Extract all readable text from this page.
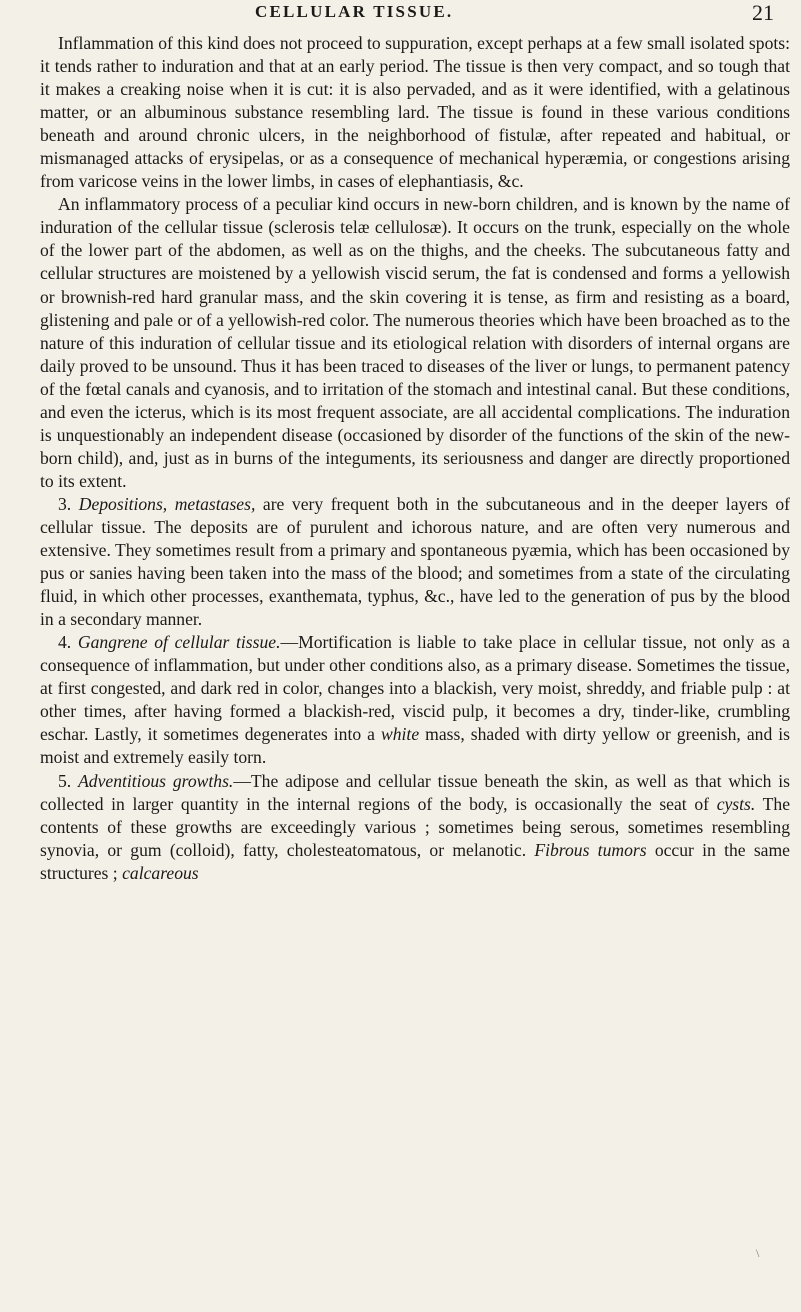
CELLULAR TISSUE.	21

Inflammation of this kind does not proceed to suppuration, except perhaps at a few small isolated spots: it tends rather to induration and that at an early period. The tissue is then very compact, and so tough that it makes a creaking noise when it is cut: it is also pervaded, and as it were identified, with a gelatinous matter, or an albuminous substance resembling lard. The tissue is found in these various conditions beneath and around chronic ulcers, in the neighborhood of fistulæ, after repeated and habitual, or mismanaged attacks of erysipelas, or as a consequence of mechanical hyperæmia, or congestions arising from varicose veins in the lower limbs, in cases of elephantiasis, &c.

An inflammatory process of a peculiar kind occurs in new-born children, and is known by the name of induration of the cellular tissue (sclerosis telæ cellulosæ). It occurs on the trunk, especially on the whole of the lower part of the abdomen, as well as on the thighs, and the cheeks. The subcutaneous fatty and cellular structures are moistened by a yellowish viscid serum, the fat is condensed and forms a yellowish or brownish-red hard granular mass, and the skin covering it is tense, as firm and resisting as a board, glistening and pale or of a yellowish-red color. The numerous theories which have been broached as to the nature of this induration of cellular tissue and its etiological relation with disorders of internal organs are daily proved to be unsound. Thus it has been traced to diseases of the liver or lungs, to permanent patency of the fœtal canals and cyanosis, and to irritation of the stomach and intestinal canal. But these conditions, and even the icterus, which is its most frequent associate, are all accidental complications. The induration is unquestionably an independent disease (occasioned by disorder of the functions of the skin of the new-born child), and, just as in burns of the integuments, its seriousness and danger are directly proportioned to its extent.

3. Depositions, metastases, are very frequent both in the subcutaneous and in the deeper layers of cellular tissue. The deposits are of purulent and ichorous nature, and are often very numerous and extensive. They sometimes result from a primary and spontaneous pyæmia, which has been occasioned by pus or sanies having been taken into the mass of the blood; and sometimes from a state of the circulating fluid, in which other processes, exanthemata, typhus, &c., have led to the generation of pus by the blood in a secondary manner.

4. Gangrene of cellular tissue.—Mortification is liable to take place in cellular tissue, not only as a consequence of inflammation, but under other conditions also, as a primary disease. Sometimes the tissue, at first congested, and dark red in color, changes into a blackish, very moist, shreddy, and friable pulp : at other times, after having formed a blackish-red, viscid pulp, it becomes a dry, tinder-like, crumbling eschar. Lastly, it sometimes degenerates into a white mass, shaded with dirty yellow or greenish, and is moist and extremely easily torn.

5. Adventitious growths.—The adipose and cellular tissue beneath the skin, as well as that which is collected in larger quantity in the internal regions of the body, is occasionally the seat of cysts. The contents of these growths are exceedingly various ; sometimes being serous, sometimes resembling synovia, or gum (colloid), fatty, cholesteatomatous, or melanotic. Fibrous tumors occur in the same structures ; calcareous

\
